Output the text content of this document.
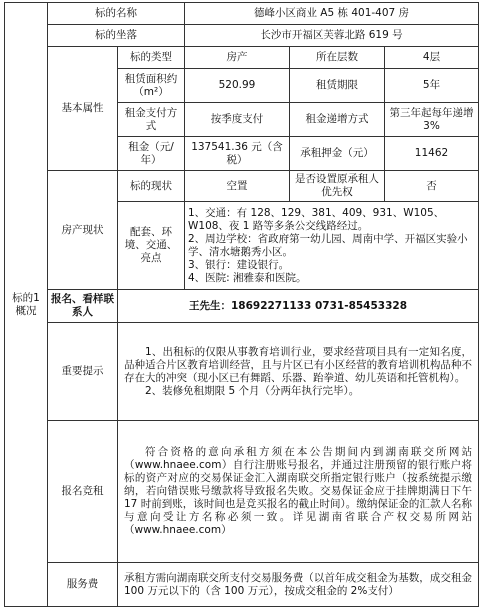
标的1概况	标的名称		德峰小区商业 A5 栋 401-407 房		
	标的坐落		长沙市开福区芙蓉北路 619 号		
	基本属性	标的类型	房产	所在层数	4层
		租赁面积约（m²）	520.99	租赁期限	5年
		租金支付方式	按季度支付	租金递增方式	第三年起每年递增3%
		租金（元/年）	137541.36 元（含税）	承租押金（元）	11462
	房产现状	标的现状	空置	是否设置原承租人优先权	否
		配套、环境、交通、亮点	1、交通：有 128、129、381、409、931、W105、W108、夜 1 路等多条公交线路经过。
2、周边学校：省政府第一幼儿园、周南中学、开福区实验小学、清水塘鹅秀小区。
3、银行：建设银行。
4、医院: 湘雅泰和医院。		

	报名、看样联系人	王先生：18692271133 0731-85453328			
	重要提示	1、出租标的仅限从事教育培训行业，要求经营项目具有一定知名度，品种适合片区教育培训经营，且与片区已有小区经营的教育培训机构品种不存在大的冲突（现小区已有舞蹈、乐器、跆拳道、幼儿英语和托管机构）。

2、装修免租期限 5 个月（分两年执行完毕）。			

	报名竞租	符合资格的意向承租方须在本公告期间内到湖南联交所网站（www.hnaee.com）自行注册账号报名，并通过注册预留的银行账户将标的资产对应的交易保证金汇入湖南联交所指定银行账户（按系统提示缴纳，若向错误账号缴款将导致报名失败。交易保证金应于挂牌期满日下午 17 时前到账，该时间也是竞买报名的截止时间）。缴纳保证金的汇款人名称与意向受让方名称必须一致。详见湖南省联合产权交易所网站（www.hnaee.com）			

	服务费	承租方需向湖南联交所支付交易服务费（以首年成交租金为基数，成交租金 100 万元以下的（含 100 万元），按成交租金的 2%支付）			
